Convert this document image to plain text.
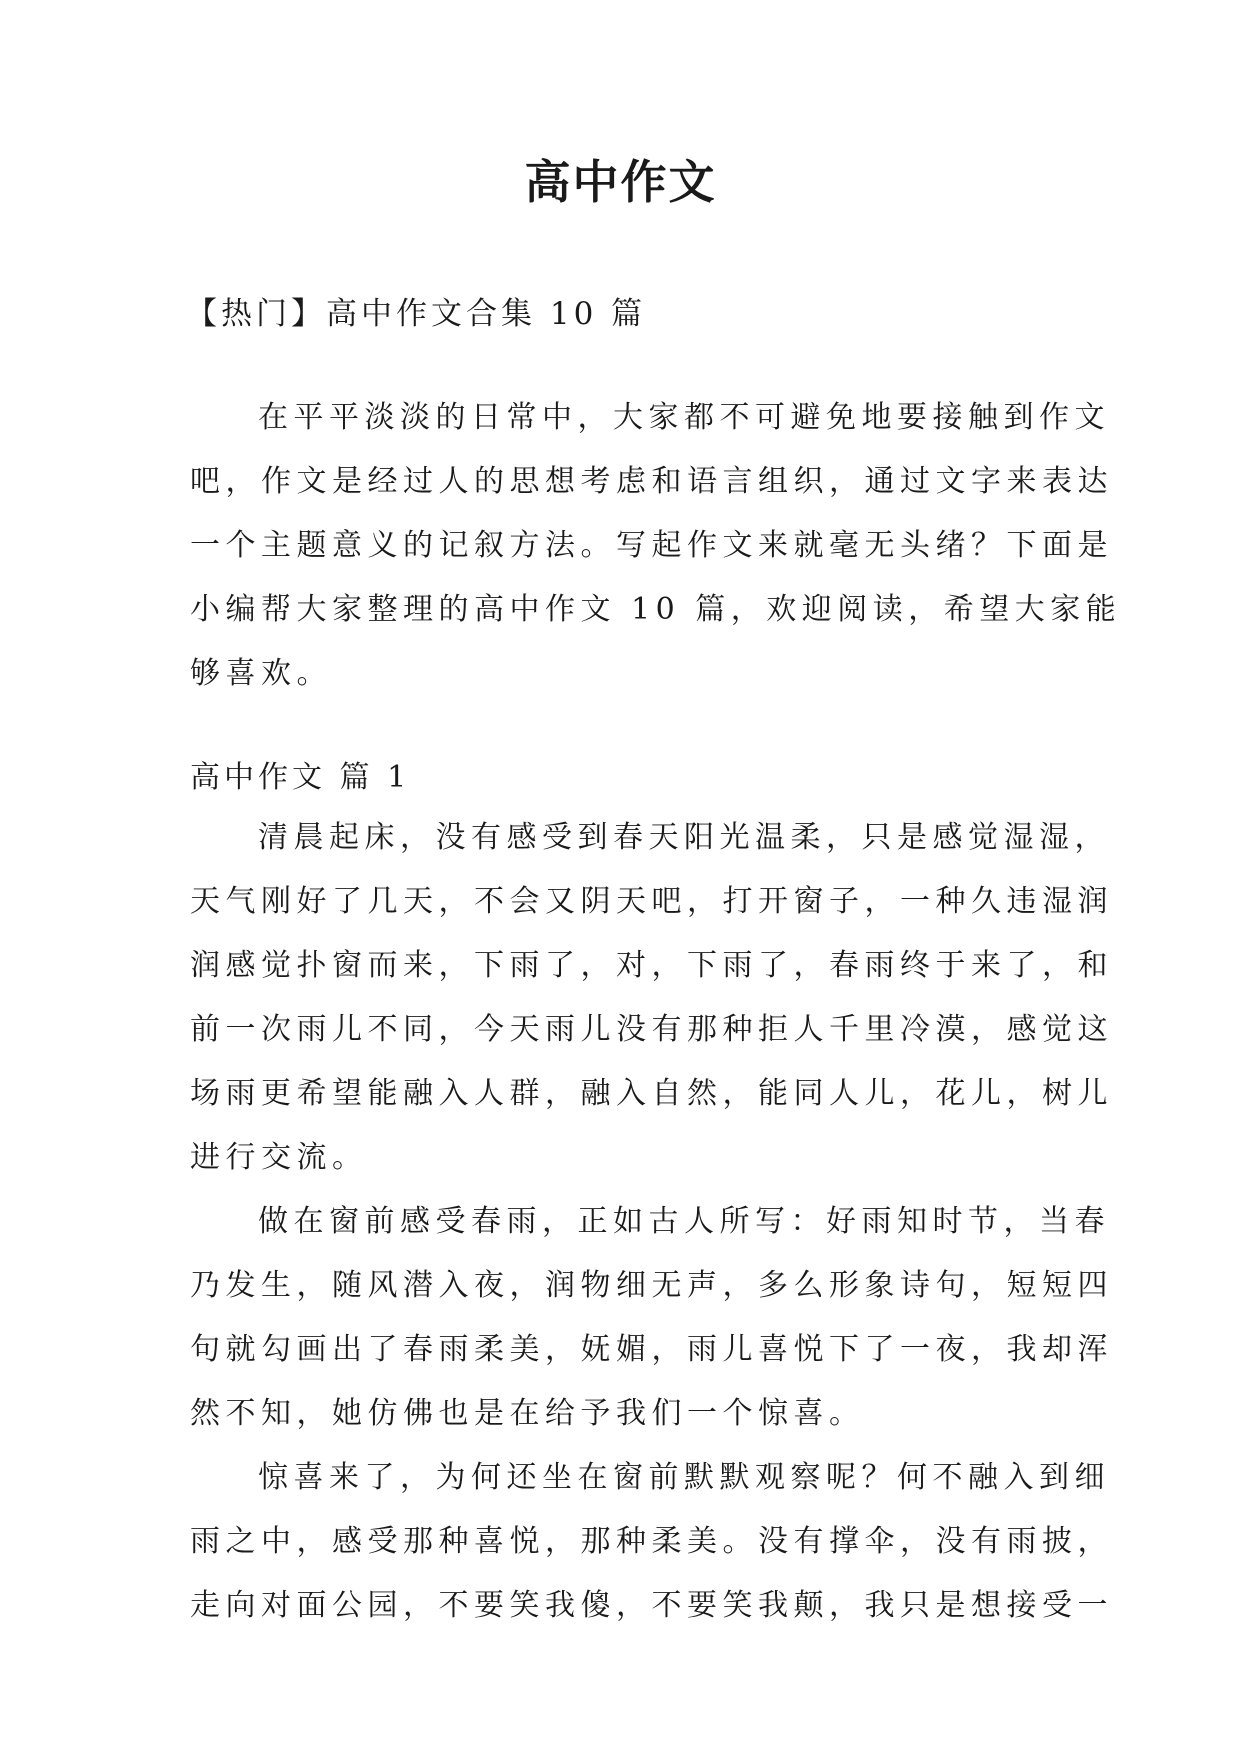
高中作文

【热门】高中作文合集 10 篇

在平平淡淡的日常中，大家都不可避免地要接触到作文
吧，作文是经过人的思想考虑和语言组织，通过文字来表达
一个主题意义的记叙方法。写起作文来就毫无头绪？下面是
小编帮大家整理的高中作文 10 篇，欢迎阅读，希望大家能
够喜欢。

高中作文 篇 1

清晨起床，没有感受到春天阳光温柔，只是感觉湿湿，
天气刚好了几天，不会又阴天吧，打开窗子，一种久违湿润
润感觉扑窗而来，下雨了，对，下雨了，春雨终于来了，和
前一次雨儿不同，今天雨儿没有那种拒人千里冷漠，感觉这
场雨更希望能融入人群，融入自然，能同人儿，花儿，树儿
进行交流。
做在窗前感受春雨，正如古人所写：好雨知时节，当春
乃发生，随风潜入夜，润物细无声，多么形象诗句，短短四
句就勾画出了春雨柔美，妩媚，雨儿喜悦下了一夜，我却浑
然不知，她仿佛也是在给予我们一个惊喜。
惊喜来了，为何还坐在窗前默默观察呢？何不融入到细
雨之中，感受那种喜悦，那种柔美。没有撑伞，没有雨披，
走向对面公园，不要笑我傻，不要笑我颠，我只是想接受一
